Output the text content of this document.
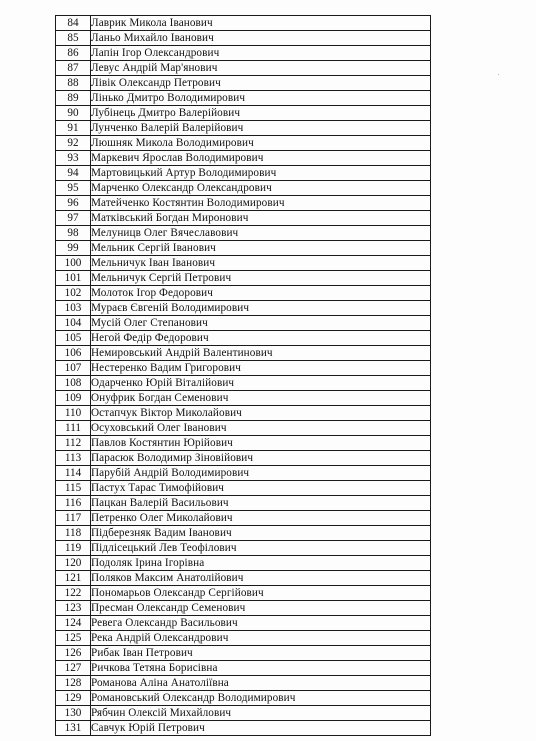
84	Лаврик Микола Іванович
85	Ланьо Михайло Іванович
86	Лапін Ігор Олександрович
87	Левус Андрій Мар'янович
88	Лівік Олександр Петрович
89	Лінько Дмитро Володимирович
90	Лубінець Дмитро Валерійович
91	Лунченко Валерій Валерійович
92	Люшняк Микола Володимирович
93	Маркевич Ярослав Володимирович
94	Мартовицький Артур Володимирович
95	Марченко Олександр Олександрович
96	Матейченко Костянтин Володимирович
97	Матківський Богдан Миронович
98	Мелуницв Олег Вячеславович
99	Мельник Сергій Іванович
100	Мельничук Іван Іванович
101	Мельничук Сергій Петрович
102	Молоток Ігор Федорович
103	Мураєв Євгеній Володимирович
104	Мусій Олег Степанович
105	Негой Федір Федорович
106	Немировський Андрій Валентинович
107	Нестеренко Вадим Григорович
108	Одарченко Юрій Віталійович
109	Онуфрик Богдан Семенович
110	Остапчук Віктор Миколайович
111	Осуховський Олег Іванович
112	Павлов Костянтин Юрійович
113	Парасюк Володимир Зіновійович
114	Парубій Андрій Володимирович
115	Пастух Тарас Тимофійович
116	Пацкан Валерій Васильович
117	Петренко Олег Миколайович
118	Підберезняк Вадим Іванович
119	Підлісецький Лев Теофілович
120	Подоляк Ірина Ігорівна
121	Поляков Максим Анатолійович
122	Пономарьов Олександр Сергійович
123	Пресман Олександр Семенович
124	Ревега Олександр Васильович
125	Река Андрій Олександрович
126	Рибак Іван Петрович
127	Ричкова Тетяна Борисівна
128	Романова Аліна Анатоліївна
129	Романовський Олександр Володимирович
130	Рябчин Олексій Михайлович
131	Савчук Юрій Петрович
